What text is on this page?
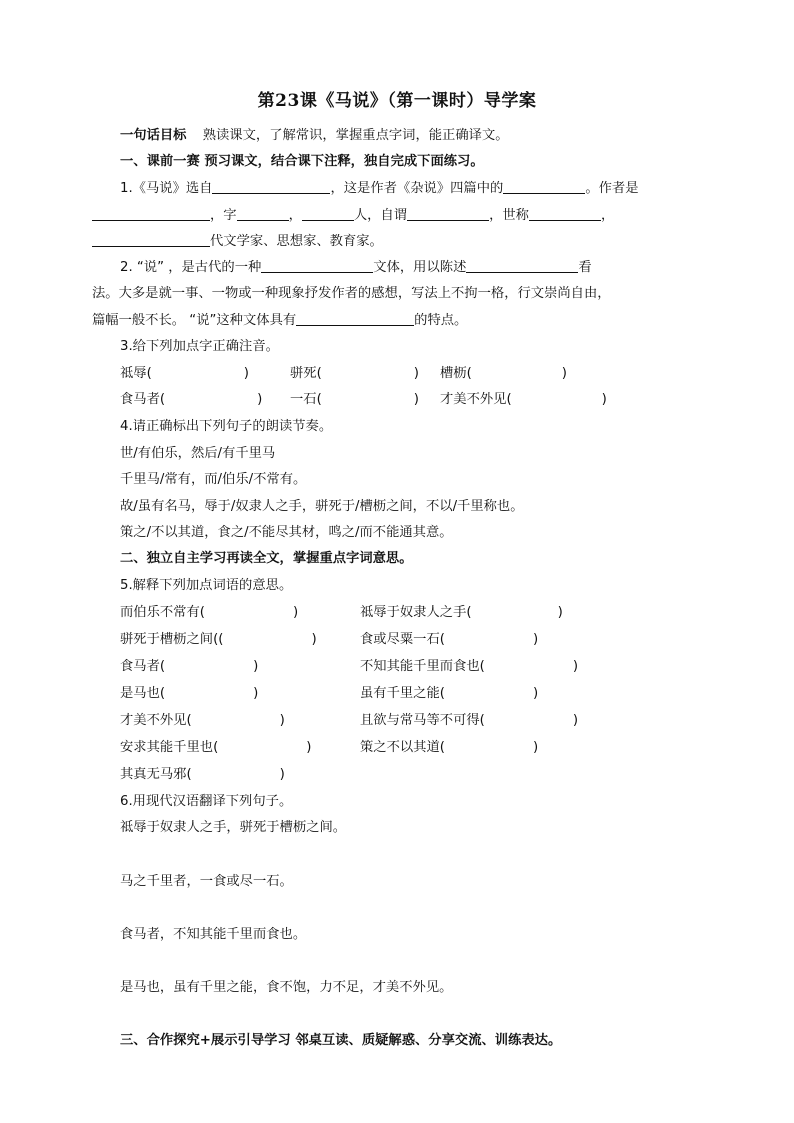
第23课《马说》（第一课时）导学案
一句话目标 熟读课文，了解常识，掌握重点字词，能正确译文。
一、课前一赛 预习课文，结合课下注释，独自完成下面练习。
1.《马说》选自	，这是作者《杂说》四篇中的	。作者是
，字	，	人，自谓	，世称	，
代文学家、思想家、教育家。
2. “说” ，是古代的一种	文体，用以陈述	看
法。大多是就一事、一物或一种现象抒发作者的感想，写法上不拘一格，行文崇尚自由，
篇幅一般不长。 “说”这种文体具有	的特点。
3.给下列加点字正确注音。
祗辱(	)	骈死(	) 槽枥(	)
食马者(	) 一石(	) 才美不外见(	)
4.请正确标出下列句子的朗读节奏。
世/有伯乐，然后/有千里马
千里马/常有，而/伯乐/不常有。
故/虽有名马，辱于/奴隶人之手，骈死于/槽枥之间，不以/千里称也。
策之/不以其道，食之/不能尽其材，鸣之/而不能通其意。
二、独立自主学习再读全文，掌握重点字词意思。
5.解释下列加点词语的意思。
而伯乐不常有(	)	祗辱于奴隶人之手(	)
骈死于槽枥之间((	)	食或尽粟一石(	)
食马者(	)	不知其能千里而食也(	)
是马也(	)	虽有千里之能(	)
才美不外见(	)	且欲与常马等不可得(	)
安求其能千里也(	)	策之不以其道(	)
其真无马邪(	)
6.用现代汉语翻译下列句子。
祗辱于奴隶人之手，骈死于槽枥之间。
马之千里者，一食或尽一石。
食马者，不知其能千里而食也。
是马也，虽有千里之能，食不饱，力不足，才美不外见。
三、合作探究+展示引导学习 邻桌互读、质疑解惑、分享交流、训练表达。
